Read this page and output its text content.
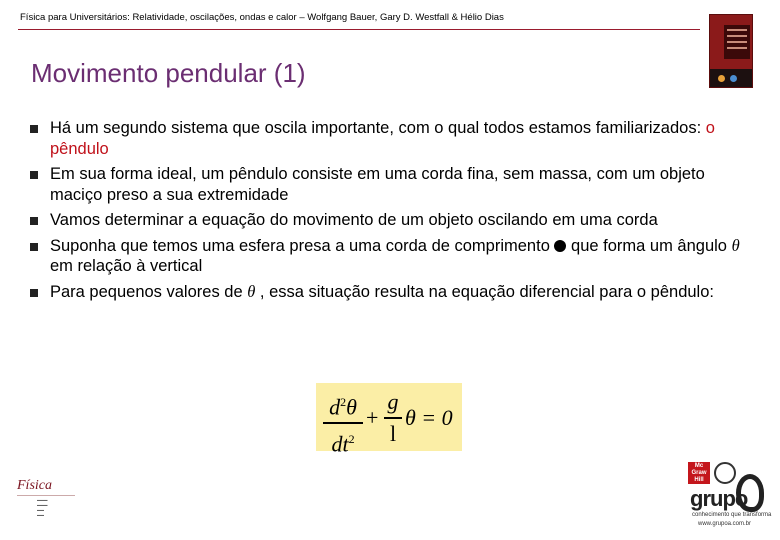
Física para Universitários: Relatividade, oscilações, ondas e calor – Wolfgang Bauer, Gary D. Westfall & Hélio Dias
Movimento pendular (1)
Há um segundo sistema que oscila importante, com o qual todos estamos familiarizados: o pêndulo
Em sua forma ideal, um pêndulo consiste em uma corda fina, sem massa, com um objeto maciço preso a sua extremidade
Vamos determinar a equação do movimento de um objeto oscilando em uma corda
Suponha que temos uma esfera presa a uma corda de comprimento  que forma um ângulo θ em relação à vertical
Para pequenos valores de θ , essa situação resulta na equação diferencial para o pêndulo:
$d^2\theta$
$dt^2$
+
g
l
θ = 0
Física
▬▬▬
▬▬▬
▬▬
▬▬
Mc
Graw
Hill
grupo
conhecimento que transforma
www.grupoa.com.br
